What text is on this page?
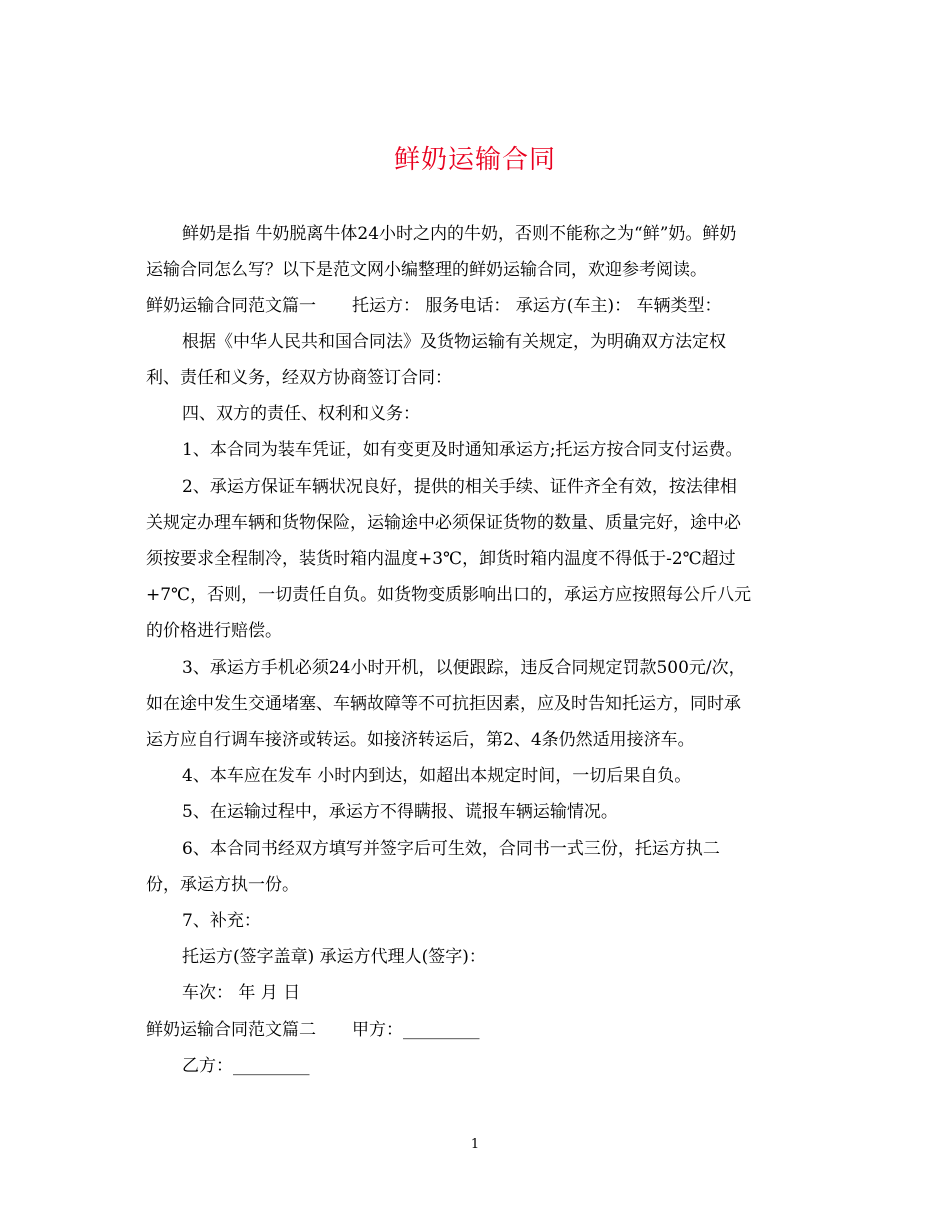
鲜奶运输合同
鲜奶是指 牛奶脱离牛体24小时之内的牛奶，否则不能称之为“鲜”奶。鲜奶
运输合同怎么写？以下是范文网小编整理的鲜奶运输合同，欢迎参考阅读。
鲜奶运输合同范文篇一 托运方： 服务电话： 承运方(车主)： 车辆类型：
根据《中华人民共和国合同法》及货物运输有关规定，为明确双方法定权
利、责任和义务，经双方协商签订合同：
四、双方的责任、权利和义务：
1、本合同为装车凭证，如有变更及时通知承运方;托运方按合同支付运费。
2、承运方保证车辆状况良好，提供的相关手续、证件齐全有效，按法律相
关规定办理车辆和货物保险，运输途中必须保证货物的数量、质量完好，途中必
须按要求全程制冷，装货时箱内温度+3℃，卸货时箱内温度不得低于-2℃超过
+7℃，否则，一切责任自负。如货物变质影响出口的，承运方应按照每公斤八元
的价格进行赔偿。
3、承运方手机必须24小时开机，以便跟踪，违反合同规定罚款500元/次，
如在途中发生交通堵塞、车辆故障等不可抗拒因素，应及时告知托运方，同时承
运方应自行调车接济或转运。如接济转运后，第2、4条仍然适用接济车。
4、本车应在发车 小时内到达，如超出本规定时间，一切后果自负。
5、在运输过程中，承运方不得瞒报、谎报车辆运输情况。
6、本合同书经双方填写并签字后可生效，合同书一式三份，托运方执二
份，承运方执一份。
7、补充：
托运方(签字盖章) 承运方代理人(签字)：
车次： 年 月 日
鲜奶运输合同范文篇二 甲方：_________
乙方：_________
1
